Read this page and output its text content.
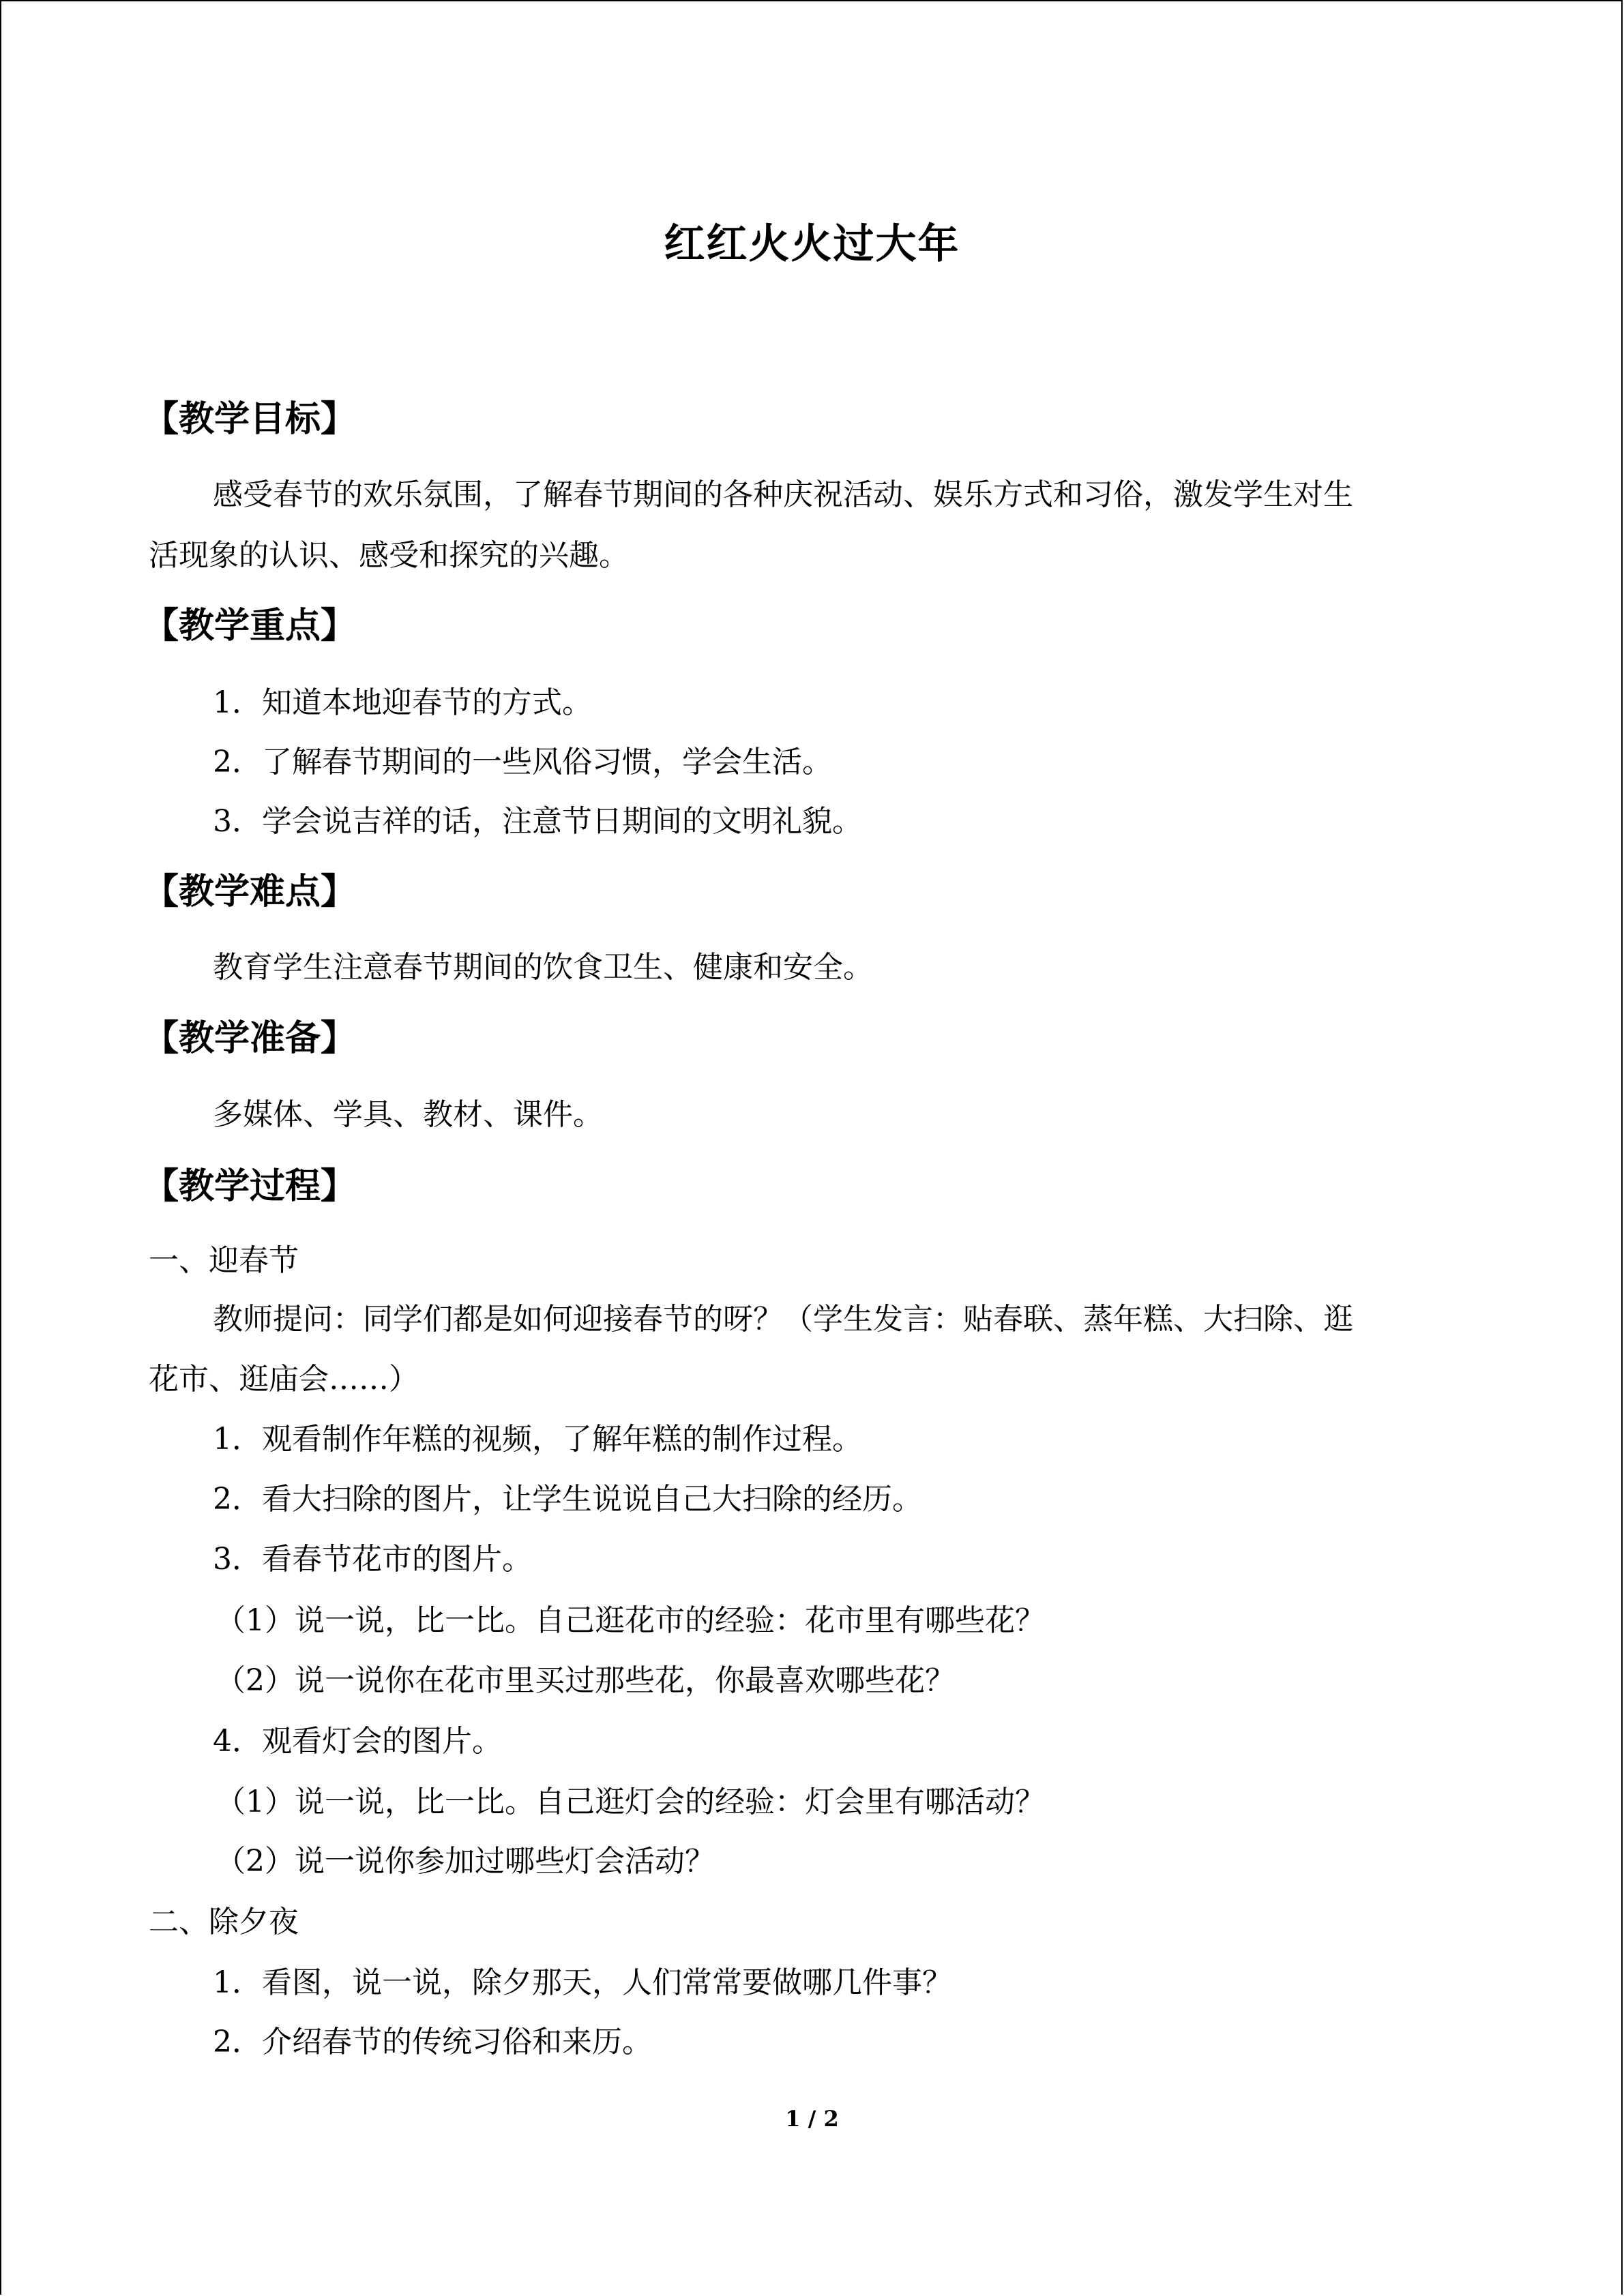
红红火火过大年
【教学目标】
感受春节的欢乐氛围，了解春节期间的各种庆祝活动、娱乐方式和习俗，激发学生对生
活现象的认识、感受和探究的兴趣。
【教学重点】
1．知道本地迎春节的方式。
2．了解春节期间的一些风俗习惯，学会生活。
3．学会说吉祥的话，注意节日期间的文明礼貌。
【教学难点】
教育学生注意春节期间的饮食卫生、健康和安全。
【教学准备】
多媒体、学具、教材、课件。
【教学过程】
一、迎春节
教师提问：同学们都是如何迎接春节的呀？（学生发言：贴春联、蒸年糕、大扫除、逛
花市、逛庙会……）
1．观看制作年糕的视频，了解年糕的制作过程。
2．看大扫除的图片，让学生说说自己大扫除的经历。
3．看春节花市的图片。
（1）说一说，比一比。自己逛花市的经验：花市里有哪些花？
（2）说一说你在花市里买过那些花，你最喜欢哪些花？
4．观看灯会的图片。
（1）说一说，比一比。自己逛灯会的经验：灯会里有哪活动？
（2）说一说你参加过哪些灯会活动？
二、除夕夜
1．看图，说一说，除夕那天，人们常常要做哪几件事？
2．介绍春节的传统习俗和来历。
1 / 2
